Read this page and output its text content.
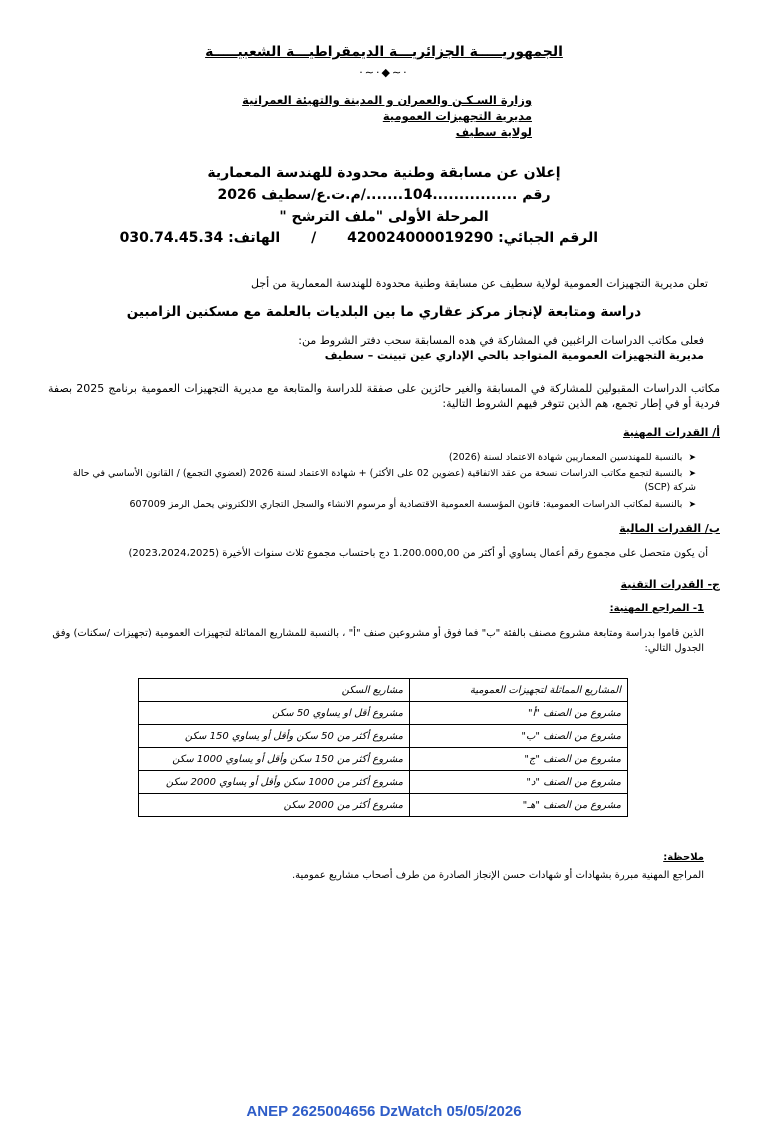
الجمهوريـــــة الجزائريـــة الديمقراطيـــة الشعبيـــــة
·∽◆·∽·
وزارة السـكـن والعمران و المدينة والتهيئة العمرانية
مديرية التجهيزات العمومية
لولاية سطيف
إعلان عن مسابقة وطنية محدودة للهندسة المعمارية
رقم ................104......./م.ت.ع/سطيف 2026
المرحلة الأولى "ملف الترشح "
الرقم الجبائي: 420024000019290 / الهاتف: 030.74.45.34
تعلن مديرية التجهيزات العمومية لولاية سطيف عن مسابقة وطنية محدودة للهندسة المعمارية من أجل
دراسة ومتابعة لإنجاز مركز عقاري ما بين البلديات بالعلمة مع مسكنين الزامبين
فعلى مكاتب الدراسات الراغبين في المشاركة في هده المسابقة سحب دفتر الشروط من:
مديرية التجهيزات العمومية المتواجد بالحي الإداري عين تبينت – سطيف
مكاتب الدراسات المقبولين للمشاركة في المسابقة والغير حائزين على صفقة للدراسة والمتابعة مع مديرية التجهيزات العمومية برنامج 2025 بصفة فردية أو في إطار تجمع، هم الذين تتوفر فيهم الشروط التالية:
أ/ القدرات المهنية
➤بالنسبة للمهندسين المعماريين شهادة الاعتماد لسنة (2026)
➤بالنسبة لتجمع مكاتب الدراسات نسخة من عقد الاتفاقية (عضوين 02 على الأكثر) + شهادة الاعتماد لسنة 2026 (لعضوي التجمع) / القانون الأساسي في حالة شركة (SCP)
➤بالنسبة لمكاتب الدراسات العمومية: قانون المؤسسة العمومية الاقتصادية أو مرسوم الانشاء والسجل التجاري الالكتروني يحمل الرمز 607009
ب/ القدرات المالية
أن يكون متحصل على مجموع رقم أعمال يساوي أو أكثر من 1.200.000,00 دج باحتساب مجموع ثلاث سنوات الأخيرة (2023،2024،2025)
ج- القدرات التقنية
1- المراجع المهنية:
الذين قاموا بدراسة ومتابعة مشروع مصنف بالفئة "ب" فما فوق أو مشروعين صنف "أ" ، بالنسبة للمشاريع المماثلة لتجهيزات العمومية (تجهيزات /سكنات) وفق الجدول التالي:
المشاريع المماثلة لتجهيزات العمومية	مشاريع السكن
مشروع من الصنف "أ"	مشروع أقل او يساوي 50 سكن
مشروع من الصنف "ب"	مشروع أكثر من 50 سكن وأقل أو يساوي 150 سكن
مشروع من الصنف "ج"	مشروع أكثر من 150 سكن وأقل أو يساوي 1000 سكن
مشروع من الصنف "د"	مشروع أكثر من 1000 سكن وأقل أو يساوي 2000 سكن
مشروع من الصنف "هـ"	مشروع أكثر من 2000 سكن
ملاحظة:
المراجع المهنية مبررة بشهادات أو شهادات حسن الإنجاز الصادرة من طرف أصحاب مشاريع عمومية.
ANEP 2625004656 DzWatch 05/05/2026
